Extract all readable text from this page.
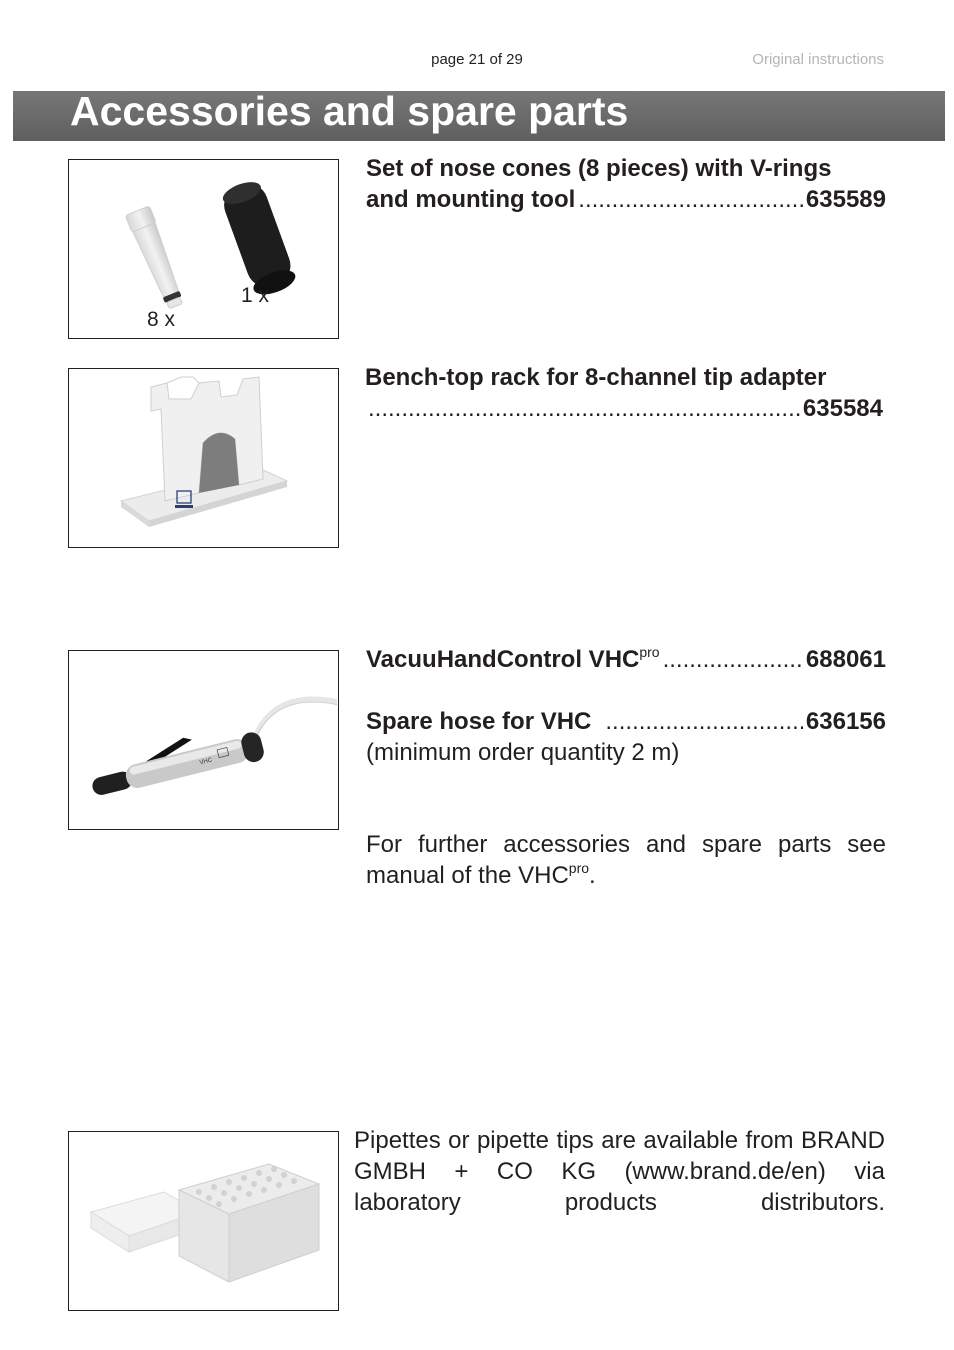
page 21 of 29	Original instructions
Accessories and spare parts
8 x
1 x
Set of nose cones (8 pieces) with V-rings
and mounting tool .....	635589
Bench-top rack for 8-channel tip adapter
.....
635584
VHC
VacuuHandControl $VHC^{pro}$ .....	688061
Spare hose for VHC .....	636156
(minimum order quantity 2 m)
For further accessories and spare parts see manual of the $VHC^{pro}$.
Pipettes or pipette tips are available from BRAND GMBH + CO KG (www.brand.de/en) via laboratory products distributors.
